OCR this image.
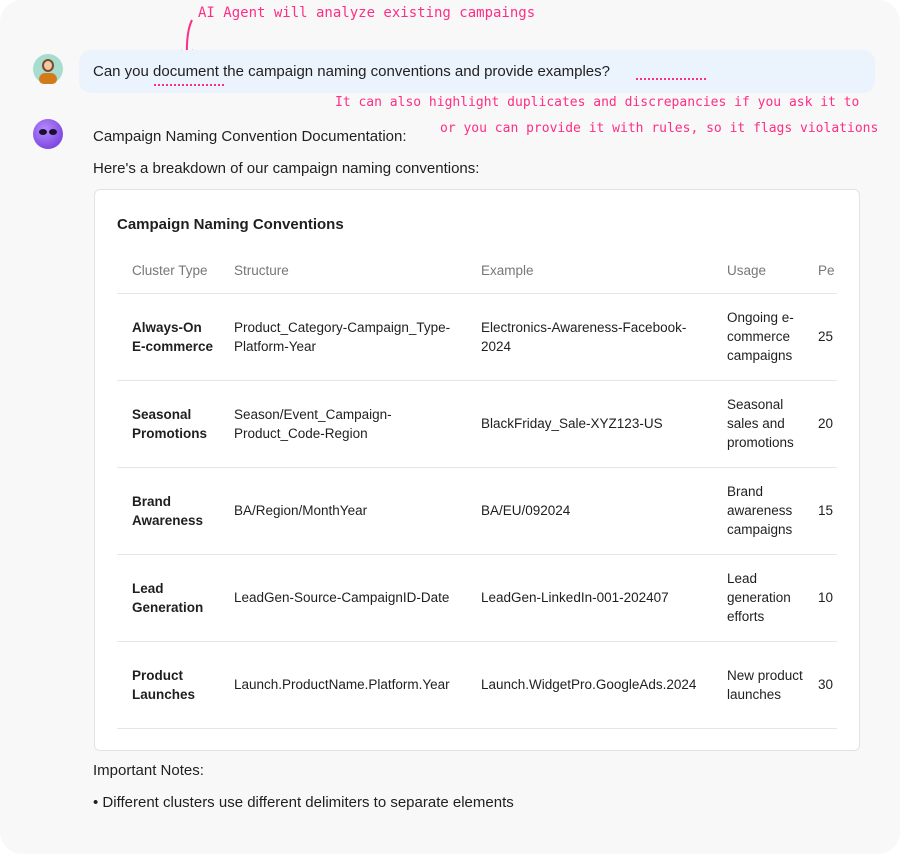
AI Agent will analyze existing campaings
Can you document the campaign naming conventions and provide examples?
It can also highlight duplicates and discrepancies if you ask it to
or you can provide it with rules, so it flags violations
Campaign Naming Convention Documentation:
Here's a breakdown of our campaign naming conventions:
Campaign Naming Conventions
Cluster Type	Structure	Example	Usage	Pe
Always-On E-commerce	Product_Category-Campaign_Type-Platform-Year	Electronics-Awareness-Facebook-2024	Ongoing e-commerce campaigns	25
Seasonal Promotions	Season/Event_Campaign-Product_Code-Region	BlackFriday_Sale-XYZ123-US	Seasonal sales and promotions	20
Brand Awareness	BA/Region/MonthYear	BA/EU/092024	Brand awareness campaigns	15
Lead Generation	LeadGen-Source-CampaignID-Date	LeadGen-LinkedIn-001-202407	Lead generation efforts	10
Product Launches	Launch.ProductName.Platform.Year	Launch.WidgetPro.GoogleAds.2024	New product launches	30
Important Notes:
• Different clusters use different delimiters to separate elements
